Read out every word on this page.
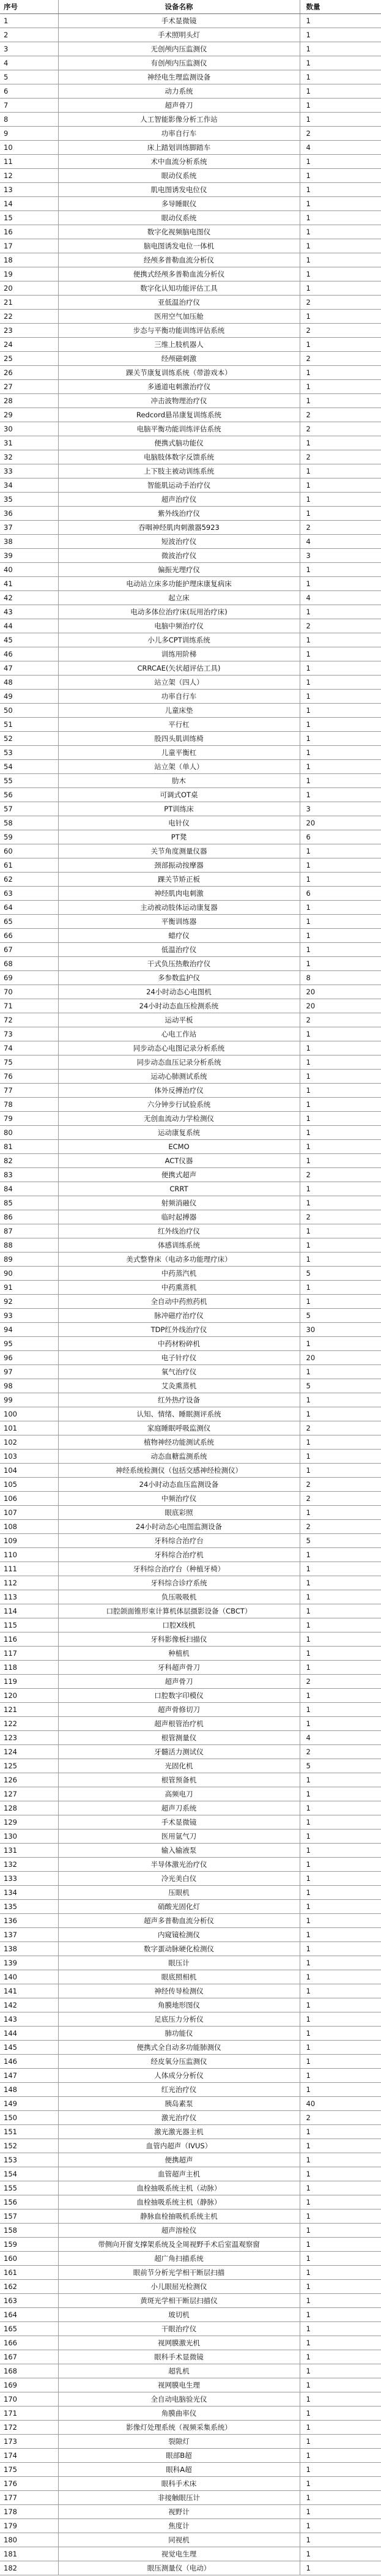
序号	设备名称	数量
1	手术显微镜	1
2	手术照明头灯	1
3	无创颅内压监测仪	1
4	有创颅内压监测仪	1
5	神经电生理监测设备	1
6	动力系统	1
7	超声骨刀	1
8	人工智能影像分析工作站	1
9	功率自行车	2
10	床上踏划训练脚踏车	4
11	术中血流分析系统	1
12	眼动仪系统	1
13	肌电图诱发电位仪	1
14	多导睡眠仪	1
15	眼动仪系统	1
16	数字化视频脑电图仪	1
17	脑电图诱发电位一体机	1
18	经颅多普勒血流分析仪	1
19	便携式经颅多普勒血流分析仪	1
20	数字化认知功能评估工具	1
21	亚低温治疗仪	2
22	医用空气加压舱	1
23	步态与平衡功能训练评估系统	2
24	三维上肢机器人	1
25	经颅磁刺激	2
26	踝关节康复训练系统（带游戏本）	1
27	多通道电刺激治疗仪	1
28	冲击波物理治疗仪	1
29	Redcord悬吊康复训练系统	2
30	电脑平衡功能训练评估系统	2
31	便携式脑功能仪	1
32	电脑肢体数字反馈系统	2
33	上下肢主被动训练系统	1
34	智能肌运动手治疗仪	1
35	超声治疗仪	1
36	紫外线治疗仪	1
37	吞咽神经肌肉刺激器5923	2
38	短波治疗仪	4
39	微波治疗仪	3
40	偏振光理疗仪	1
41	电动站立床多功能护理床康复病床	1
42	起立床	4
43	电动多体位治疗床(玩用治疗床)	1
44	电脑中频治疗仪	2
45	小儿多CPT训练系统	1
46	训练用阶梯	1
47	CRRCAE(矢状超评估工具)	1
48	站立架（四人）	1
49	功率自行车	1
50	儿童床垫	1
51	平行杠	1
52	股四头肌训练椅	1
53	儿童平衡杠	1
54	站立架（单人）	1
55	肋木	1
56	可调式OT桌	1
57	PT训练床	3
58	电针仪	20
59	PT凳	6
60	关节角度测量仪器	1
61	颈部振动按摩器	1
62	踝关节矫正板	1
63	神经肌肉电刺激	6
64	主动被动肢体运动康复器	1
65	平衡训练器	1
66	蜡疗仪	1
67	低温治疗仪	1
68	干式负压热敷治疗仪	1
69	多参数监护仪	8
70	24小时动态心电图机	20
71	24小时动态血压检测系统	20
72	运动平板	2
73	心电工作站	1
74	同步动态心电图记录分析系统	1
75	同步动态血压记录分析系统	1
76	运动心肺测试系统	1
77	体外反搏治疗仪	1
78	六分钟步行试验系统	1
79	无创血流动力学检测仪	1
80	运动康复系统	1
81	ECMO	1
82	ACT仪器	1
83	便携式超声	2
84	CRRT	1
85	射频消融仪	1
86	临时起搏器	2
87	红外线治疗仪	1
88	体感训练系统	1
89	美式整脊床（电动多功能理疗床）	1
90	中药蒸汽机	5
91	中药熏蒸机	1
92	全自动中药煎药机	1
93	脉冲磁疗治疗仪	5
94	TDP红外线治疗仪	30
95	中药材粉碎机	1
96	电子针疗仪	20
97	氧气治疗仪	1
98	艾灸熏蒸机	5
99	红外热疗设备	1
100	认知、情绪、睡眠测评系统	1
101	家庭睡眠呼吸监测仪	2
102	植物神经功能测试系统	1
103	动态血糖监测系统	1
104	神经系统检测仪（包括交感神经检测仪）	1
105	24小时动态血压监测设备	2
106	中频治疗仪	2
107	眼底彩照	1
108	24小时动态心电图监测设备	2
109	牙科综合治疗台	5
110	牙科综合治疗机	1
111	牙科综合治疗台（种植牙椅）	1
112	牙科综合诊疗系统	1
113	负压吸吸机	1
114	口腔颌面锥形束计算机体层摄影设备（CBCT）	1
115	口腔X线机	1
116	牙科影像板扫描仪	1
117	种植机	1
118	牙科超声骨刀	1
119	超声骨刀	2
120	口腔数字印模仪	1
121	超声骨修切刀	1
122	超声根管治疗机	1
123	根管测量仪	4
124	牙髓活力测试仪	2
125	光固化机	5
126	根管预备机	1
127	高频电刀	1
128	超声刀系统	1
129	手术显微镜	1
130	医用氩气刀	1
131	输入输液泵	1
132	半导体激光治疗仪	1
133	冷光美白仪	1
134	压眼机	1
135	硝酸光固化灯	1
136	超声多普勒血流分析仪	1
137	内窥镜检测仪	1
138	数字蛋动脉硬化检测仪	1
139	眼压计	1
140	眼底照相机	1
141	神经传导检测仪	1
142	角膜地形图仪	1
143	足底压力分析仪	1
144	肺功能仪	1
145	便携式全自动多功能肺测仪	1
146	经皮氧分压监测仪	1
147	人体成分分析仪	1
148	红光治疗仪	1
149	胰岛素泵	40
150	激光治疗仪	2
151	激光激光器主机	1
152	血管内超声（IVUS）	1
153	便携超声	1
154	血管超声主机	1
155	血栓抽吸系统主机（动脉）	1
156	血栓抽吸系统主机（静脉）	1
157	静脉血栓抽吸机系统主机	1
158	超声溶栓仪	1
159	带侧向开窗支撑架系统及全周视野手术后室温观察窗	1
160	超广角扫描系统	1
161	眼前节分析光学相干断层扫描	1
162	小儿眼屈光检测仪	1
163	黄斑光学相干断层扫描仪	1
164	玻切机	1
165	干眼治疗仪	1
166	视网膜激光机	1
167	眼科手术显微镜	1
168	超乳机	1
169	视网膜电生理	1
170	全自动电脑验光仪	1
171	角膜曲率仪	1
172	影像灯处理系统（视频采集系统）	1
173	裂隙灯	1
174	眼部B超	1
175	眼科A超	1
176	眼科手术床	1
177	非接触眼压计	1
178	视野计	1
179	焦度计	1
180	同视机	1
181	视觉电生理	1
182	眼压测量仪（电动）	1
